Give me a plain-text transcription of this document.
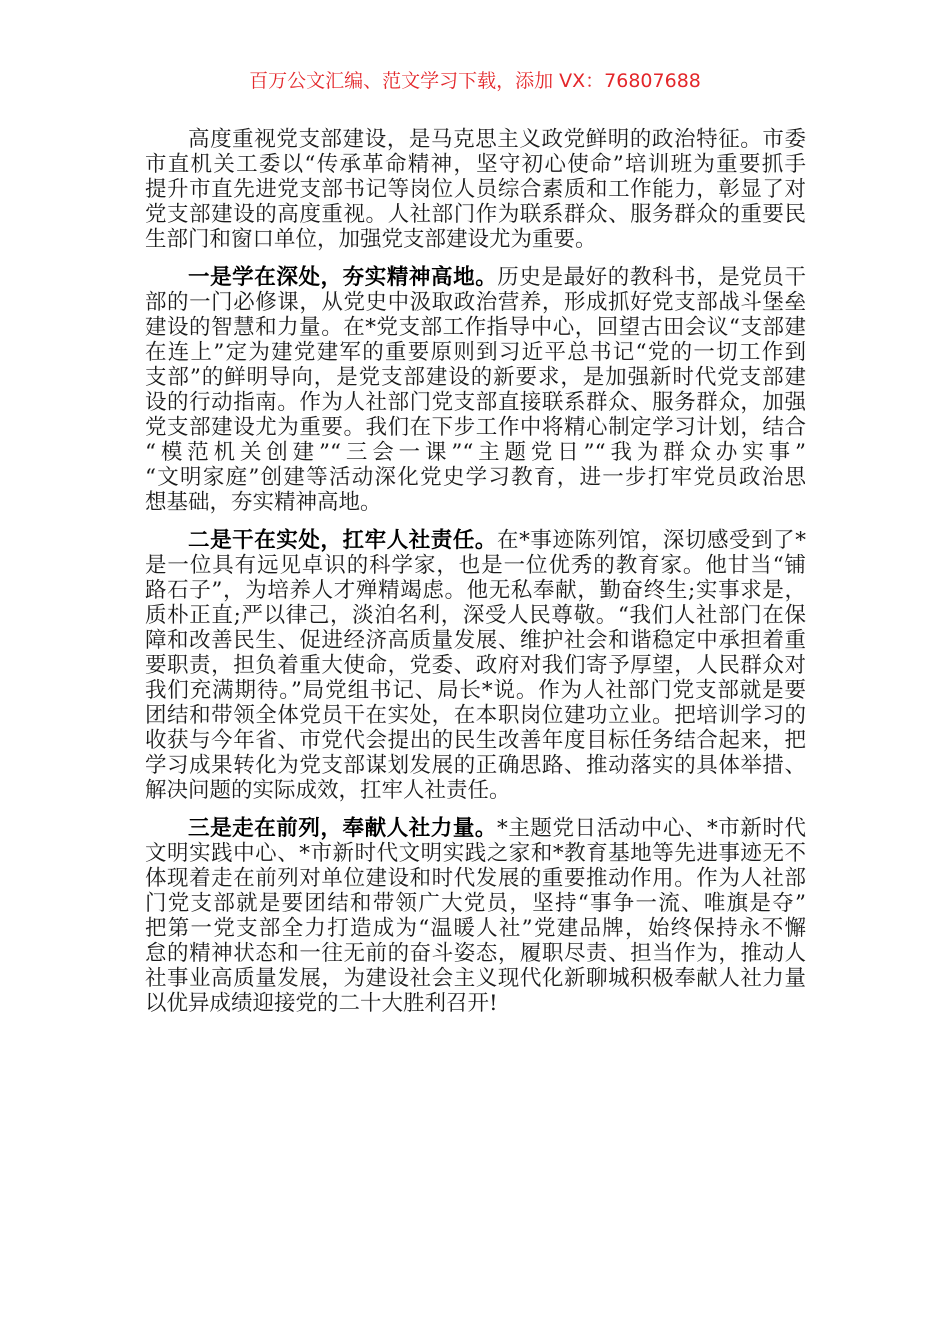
百万公文汇编、范文学习下载，添加 VX：76807688
高度重视党支部建设，是马克思主义政党鲜明的政治特征。市委
市直机关工委以“传承革命精神，坚守初心使命”培训班为重要抓手
提升市直先进党支部书记等岗位人员综合素质和工作能力，彰显了对
党支部建设的高度重视。人社部门作为联系群众、服务群众的重要民
生部门和窗口单位，加强党支部建设尤为重要。
一是学在深处，夯实精神高地。历史是最好的教科书，是党员干
部的一门必修课，从党史中汲取政治营养，形成抓好党支部战斗堡垒
建设的智慧和力量。在*党支部工作指导中心，回望古田会议“支部建
在连上”定为建党建军的重要原则到习近平总书记“党的一切工作到
支部”的鲜明导向，是党支部建设的新要求，是加强新时代党支部建
设的行动指南。作为人社部门党支部直接联系群众、服务群众，加强
党支部建设尤为重要。我们在下步工作中将精心制定学习计划，结合
“模范机关创建”“三会一课”“主题党日”“我为群众办实事”
“文明家庭”创建等活动深化党史学习教育，进一步打牢党员政治思
想基础，夯实精神高地。
二是干在实处，扛牢人社责任。在*事迹陈列馆，深切感受到了*
是一位具有远见卓识的科学家，也是一位优秀的教育家。他甘当“铺
路石子”，为培养人才殚精竭虑。他无私奉献，勤奋终生;实事求是，
质朴正直;严以律己，淡泊名利，深受人民尊敬。“我们人社部门在保
障和改善民生、促进经济高质量发展、维护社会和谐稳定中承担着重
要职责，担负着重大使命，党委、政府对我们寄予厚望，人民群众对
我们充满期待。”局党组书记、局长*说。作为人社部门党支部就是要
团结和带领全体党员干在实处，在本职岗位建功立业。把培训学习的
收获与今年省、市党代会提出的民生改善年度目标任务结合起来，把
学习成果转化为党支部谋划发展的正确思路、推动落实的具体举措、
解决问题的实际成效，扛牢人社责任。
三是走在前列，奉献人社力量。*主题党日活动中心、*市新时代
文明实践中心、*市新时代文明实践之家和*教育基地等先进事迹无不
体现着走在前列对单位建设和时代发展的重要推动作用。作为人社部
门党支部就是要团结和带领广大党员，坚持“事争一流、唯旗是夺”
把第一党支部全力打造成为“温暖人社”党建品牌，始终保持永不懈
怠的精神状态和一往无前的奋斗姿态，履职尽责、担当作为，推动人
社事业高质量发展，为建设社会主义现代化新聊城积极奉献人社力量
以优异成绩迎接党的二十大胜利召开!
